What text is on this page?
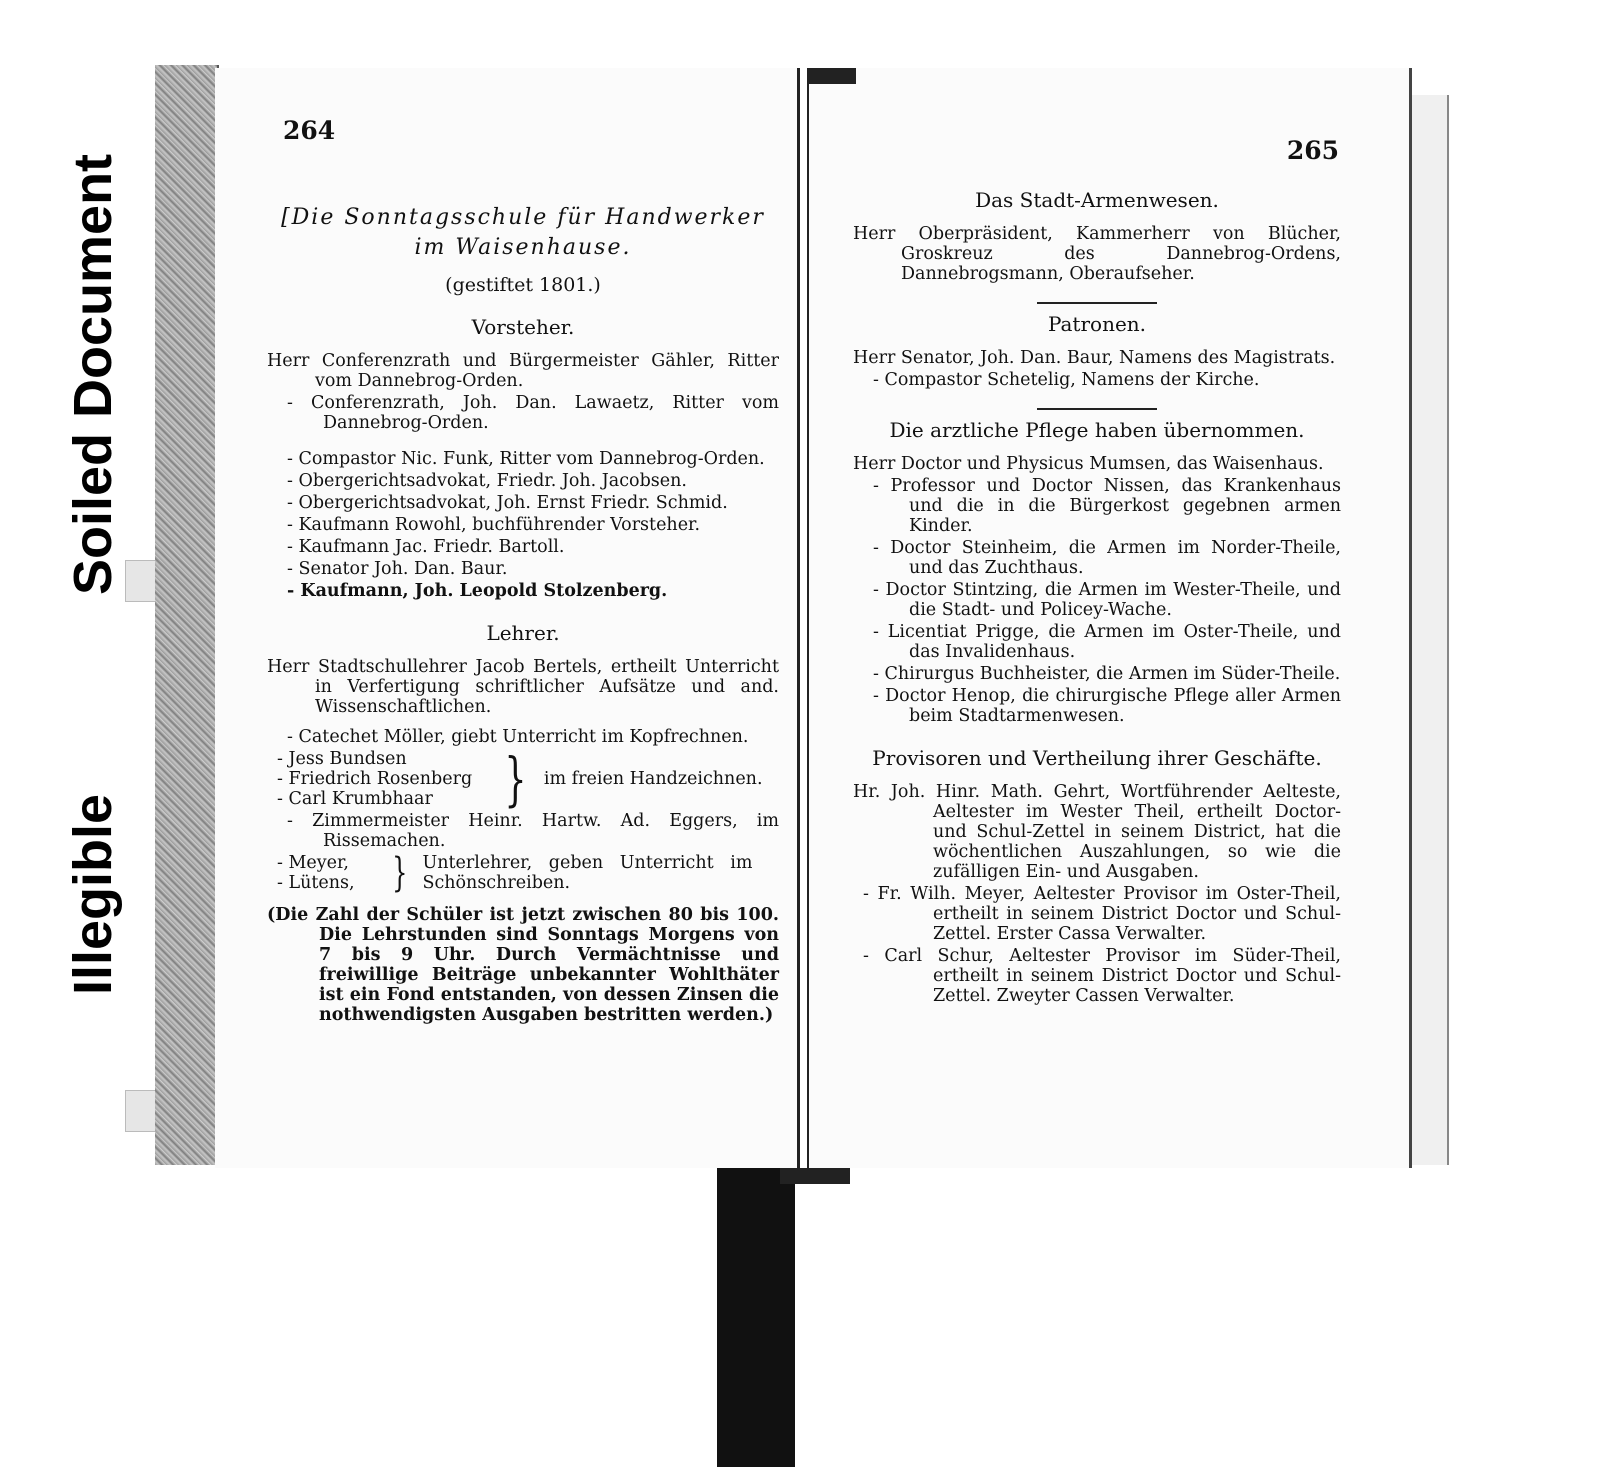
Soiled Document
Illegible
264
[Die Sonntagsschule für Handwerker
im Waisenhause.
(gestiftet 1801.)
Vorsteher.
Herr Conferenzrath und Bürgermeister Gähler, Ritter vom Dannebrog-Orden.
- Conferenzrath, Joh. Dan. Lawaetz, Ritter vom Dannebrog-Orden.
- Compastor Nic. Funk, Ritter vom Dannebrog-Orden.
- Obergerichtsadvokat, Friedr. Joh. Jacobsen.
- Obergerichtsadvokat, Joh. Ernst Friedr. Schmid.
- Kaufmann Rowohl, buchführender Vorsteher.
- Kaufmann Jac. Friedr. Bartoll.
- Senator Joh. Dan. Baur.
- Kaufmann, Joh. Leopold Stolzenberg.
Lehrer.
Herr Stadtschullehrer Jacob Bertels, ertheilt Unterricht in Verfertigung schriftlicher Aufsätze und and. Wissenschaftlichen.
- Catechet Möller, giebt Unterricht im Kopfrechnen.
- Jess Bundsen
- Friedrich Rosenberg
- Carl Krumbhaar	} im freien Handzeichnen.
- Zimmermeister Heinr. Hartw. Ad. Eggers, im Rissemachen.
- Meyer,
- Lütens, } Unterlehrer, geben Unterricht im Schönschreiben.
(Die Zahl der Schüler ist jetzt zwischen 80 bis 100. Die Lehrstunden sind Sonntags Morgens von 7 bis 9 Uhr. Durch Vermächtnisse und freiwillige Beiträge unbekannter Wohlthäter ist ein Fond entstanden, von dessen Zinsen die nothwendigsten Ausgaben bestritten werden.)
265
Das Stadt-Armenwesen.
Herr Oberpräsident, Kammerherr von Blücher, Groskreuz des Dannebrog-Ordens, Dannebrogsmann, Oberaufseher.
Patronen.
Herr Senator, Joh. Dan. Baur, Namens des Magistrats.
- Compastor Schetelig, Namens der Kirche.
Die arztliche Pflege haben übernommen.
Herr Doctor und Physicus Mumsen, das Waisenhaus.
- Professor und Doctor Nissen, das Krankenhaus und die in die Bürgerkost gegebnen armen Kinder.
- Doctor Steinheim, die Armen im Norder-Theile, und das Zuchthaus.
- Doctor Stintzing, die Armen im Wester-Theile, und die Stadt- und Policey-Wache.
- Licentiat Prigge, die Armen im Oster-Theile, und das Invalidenhaus.
- Chirurgus Buchheister, die Armen im Süder-Theile.
- Doctor Henop, die chirurgische Pflege aller Armen beim Stadtarmenwesen.
Provisoren und Vertheilung ihrer Geschäfte.
Hr. Joh. Hinr. Math. Gehrt, Wortführender Aelteste, Aeltester im Wester Theil, ertheilt Doctor- und Schul-Zettel in seinem District, hat die wöchentlichen Auszahlungen, so wie die zufälligen Ein- und Ausgaben.
- Fr. Wilh. Meyer, Aeltester Provisor im Oster-Theil, ertheilt in seinem District Doctor und Schul-Zettel. Erster Cassa Verwalter.
- Carl Schur, Aeltester Provisor im Süder-Theil, ertheilt in seinem District Doctor und Schul-Zettel. Zweyter Cassen Verwalter.
